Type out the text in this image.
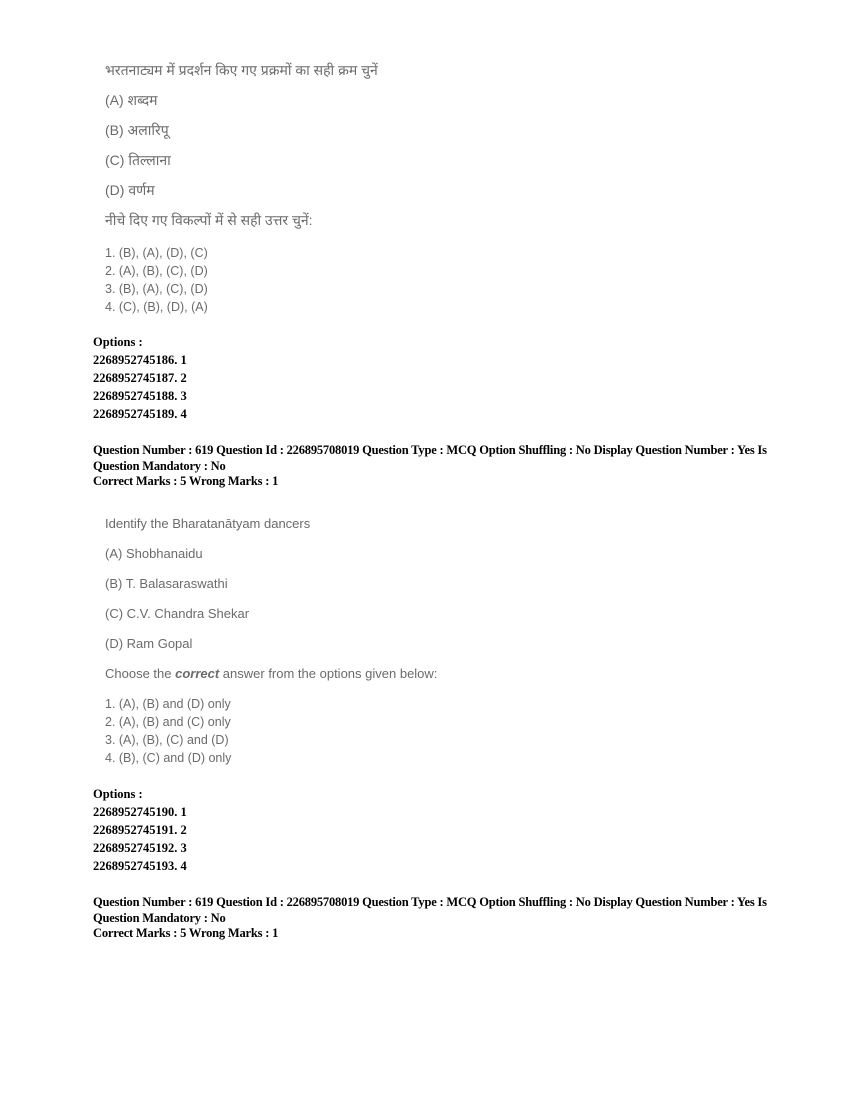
भरतनाट्यम में प्रदर्शन किए गए प्रक्रमों का सही क्रम चुनें
(A) शब्दम
(B) अलारिपू
(C) तिल्लाना
(D) वर्णम
नीचे दिए गए विकल्पों में से सही उत्तर चुनें:
1. (B), (A), (D), (C)
2. (A), (B), (C), (D)
3. (B), (A), (C), (D)
4. (C), (B), (D), (A)
Options :
2268952745186. 1
2268952745187. 2
2268952745188. 3
2268952745189. 4
Question Number : 619 Question Id : 226895708019 Question Type : MCQ Option Shuffling : No Display Question Number : Yes Is
Question Mandatory : No
Correct Marks : 5 Wrong Marks : 1
Identify the Bharatanātyam dancers
(A) Shobhanaidu
(B) T. Balasaraswathi
(C) C.V. Chandra Shekar
(D) Ram Gopal
Choose the correct answer from the options given below:
1. (A), (B) and (D) only
2. (A), (B) and (C) only
3. (A), (B), (C) and (D)
4. (B), (C) and (D) only
Options :
2268952745190. 1
2268952745191. 2
2268952745192. 3
2268952745193. 4
Question Number : 619 Question Id : 226895708019 Question Type : MCQ Option Shuffling : No Display Question Number : Yes Is
Question Mandatory : No
Correct Marks : 5 Wrong Marks : 1
